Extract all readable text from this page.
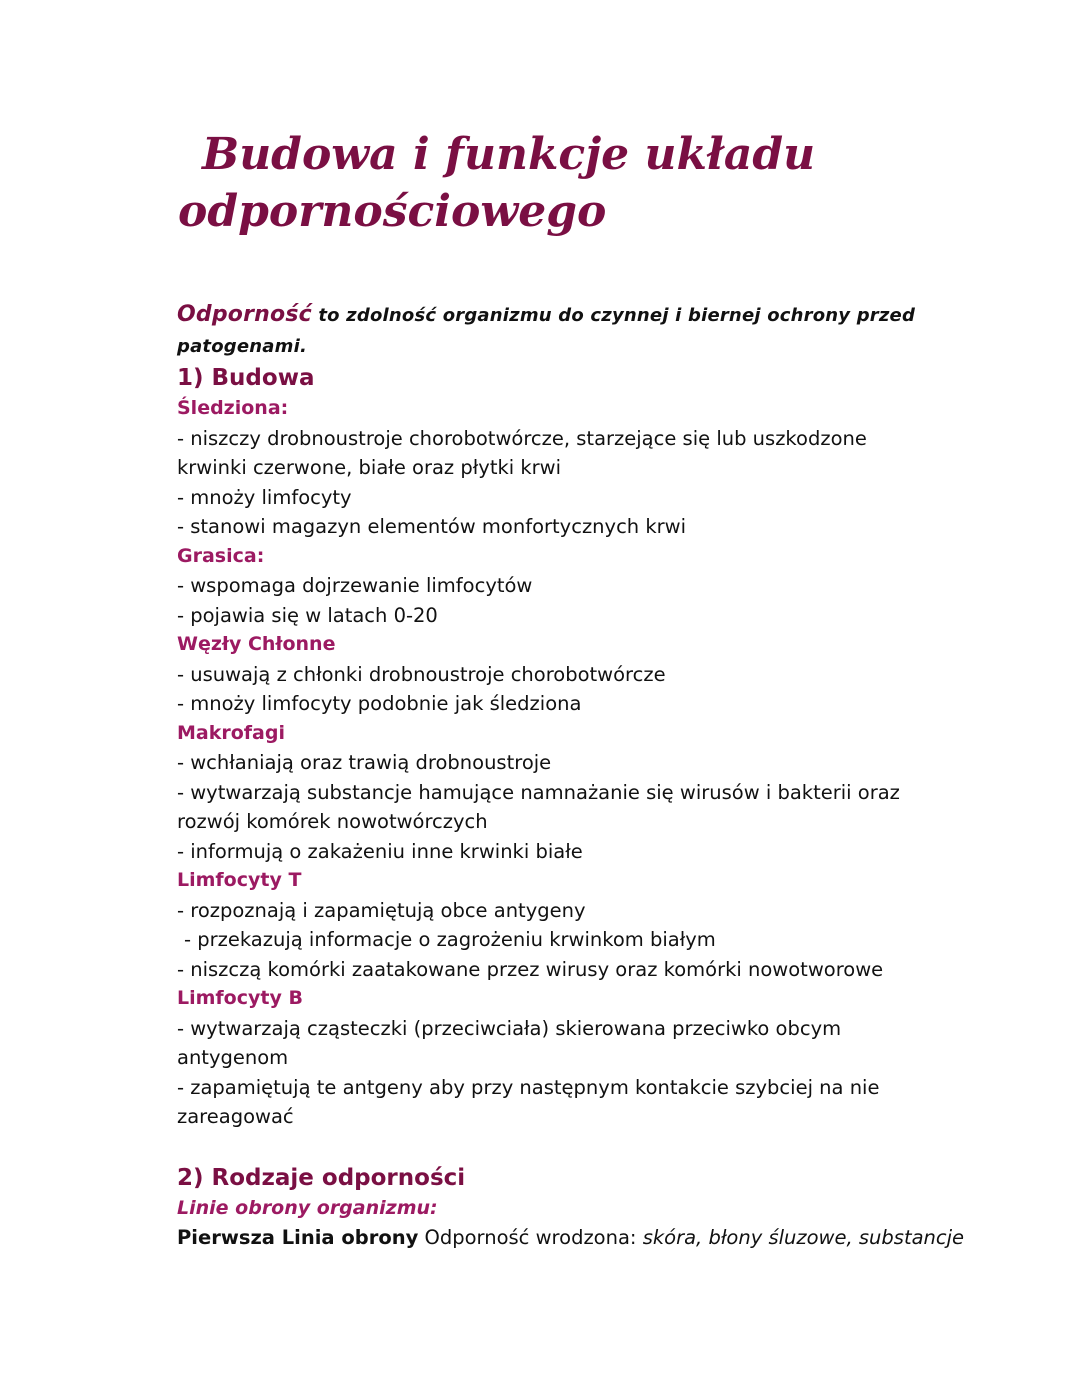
Budowa i funkcje układu
odpornościowego
Odporność to zdolność organizmu do czynnej i biernej ochrony przed
patogenami.
1) Budowa
Śledziona:
- niszczy drobnoustroje chorobotwórcze, starzejące się lub uszkodzone
krwinki czerwone, białe oraz płytki krwi
- mnoży limfocyty
- stanowi magazyn elementów monfortycznych krwi
Grasica:
- wspomaga dojrzewanie limfocytów
- pojawia się w latach 0-20
Węzły Chłonne
- usuwają z chłonki drobnoustroje chorobotwórcze
- mnoży limfocyty podobnie jak śledziona
Makrofagi
- wchłaniają oraz trawią drobnoustroje
- wytwarzają substancje hamujące namnażanie się wirusów i bakterii oraz
rozwój komórek nowotwórczych
- informują o zakażeniu inne krwinki białe
Limfocyty T
- rozpoznają i zapamiętują obce antygeny
- przekazują informacje o zagrożeniu krwinkom białym
- niszczą komórki zaatakowane przez wirusy oraz komórki nowotworowe
Limfocyty B
- wytwarzają cząsteczki (przeciwciała) skierowana przeciwko obcym
antygenom
- zapamiętują te antgeny aby przy następnym kontakcie szybciej na nie
zareagować
2) Rodzaje odporności
Linie obrony organizmu:
Pierwsza Linia obrony Odporność wrodzona: skóra, błony śluzowe, substancje
